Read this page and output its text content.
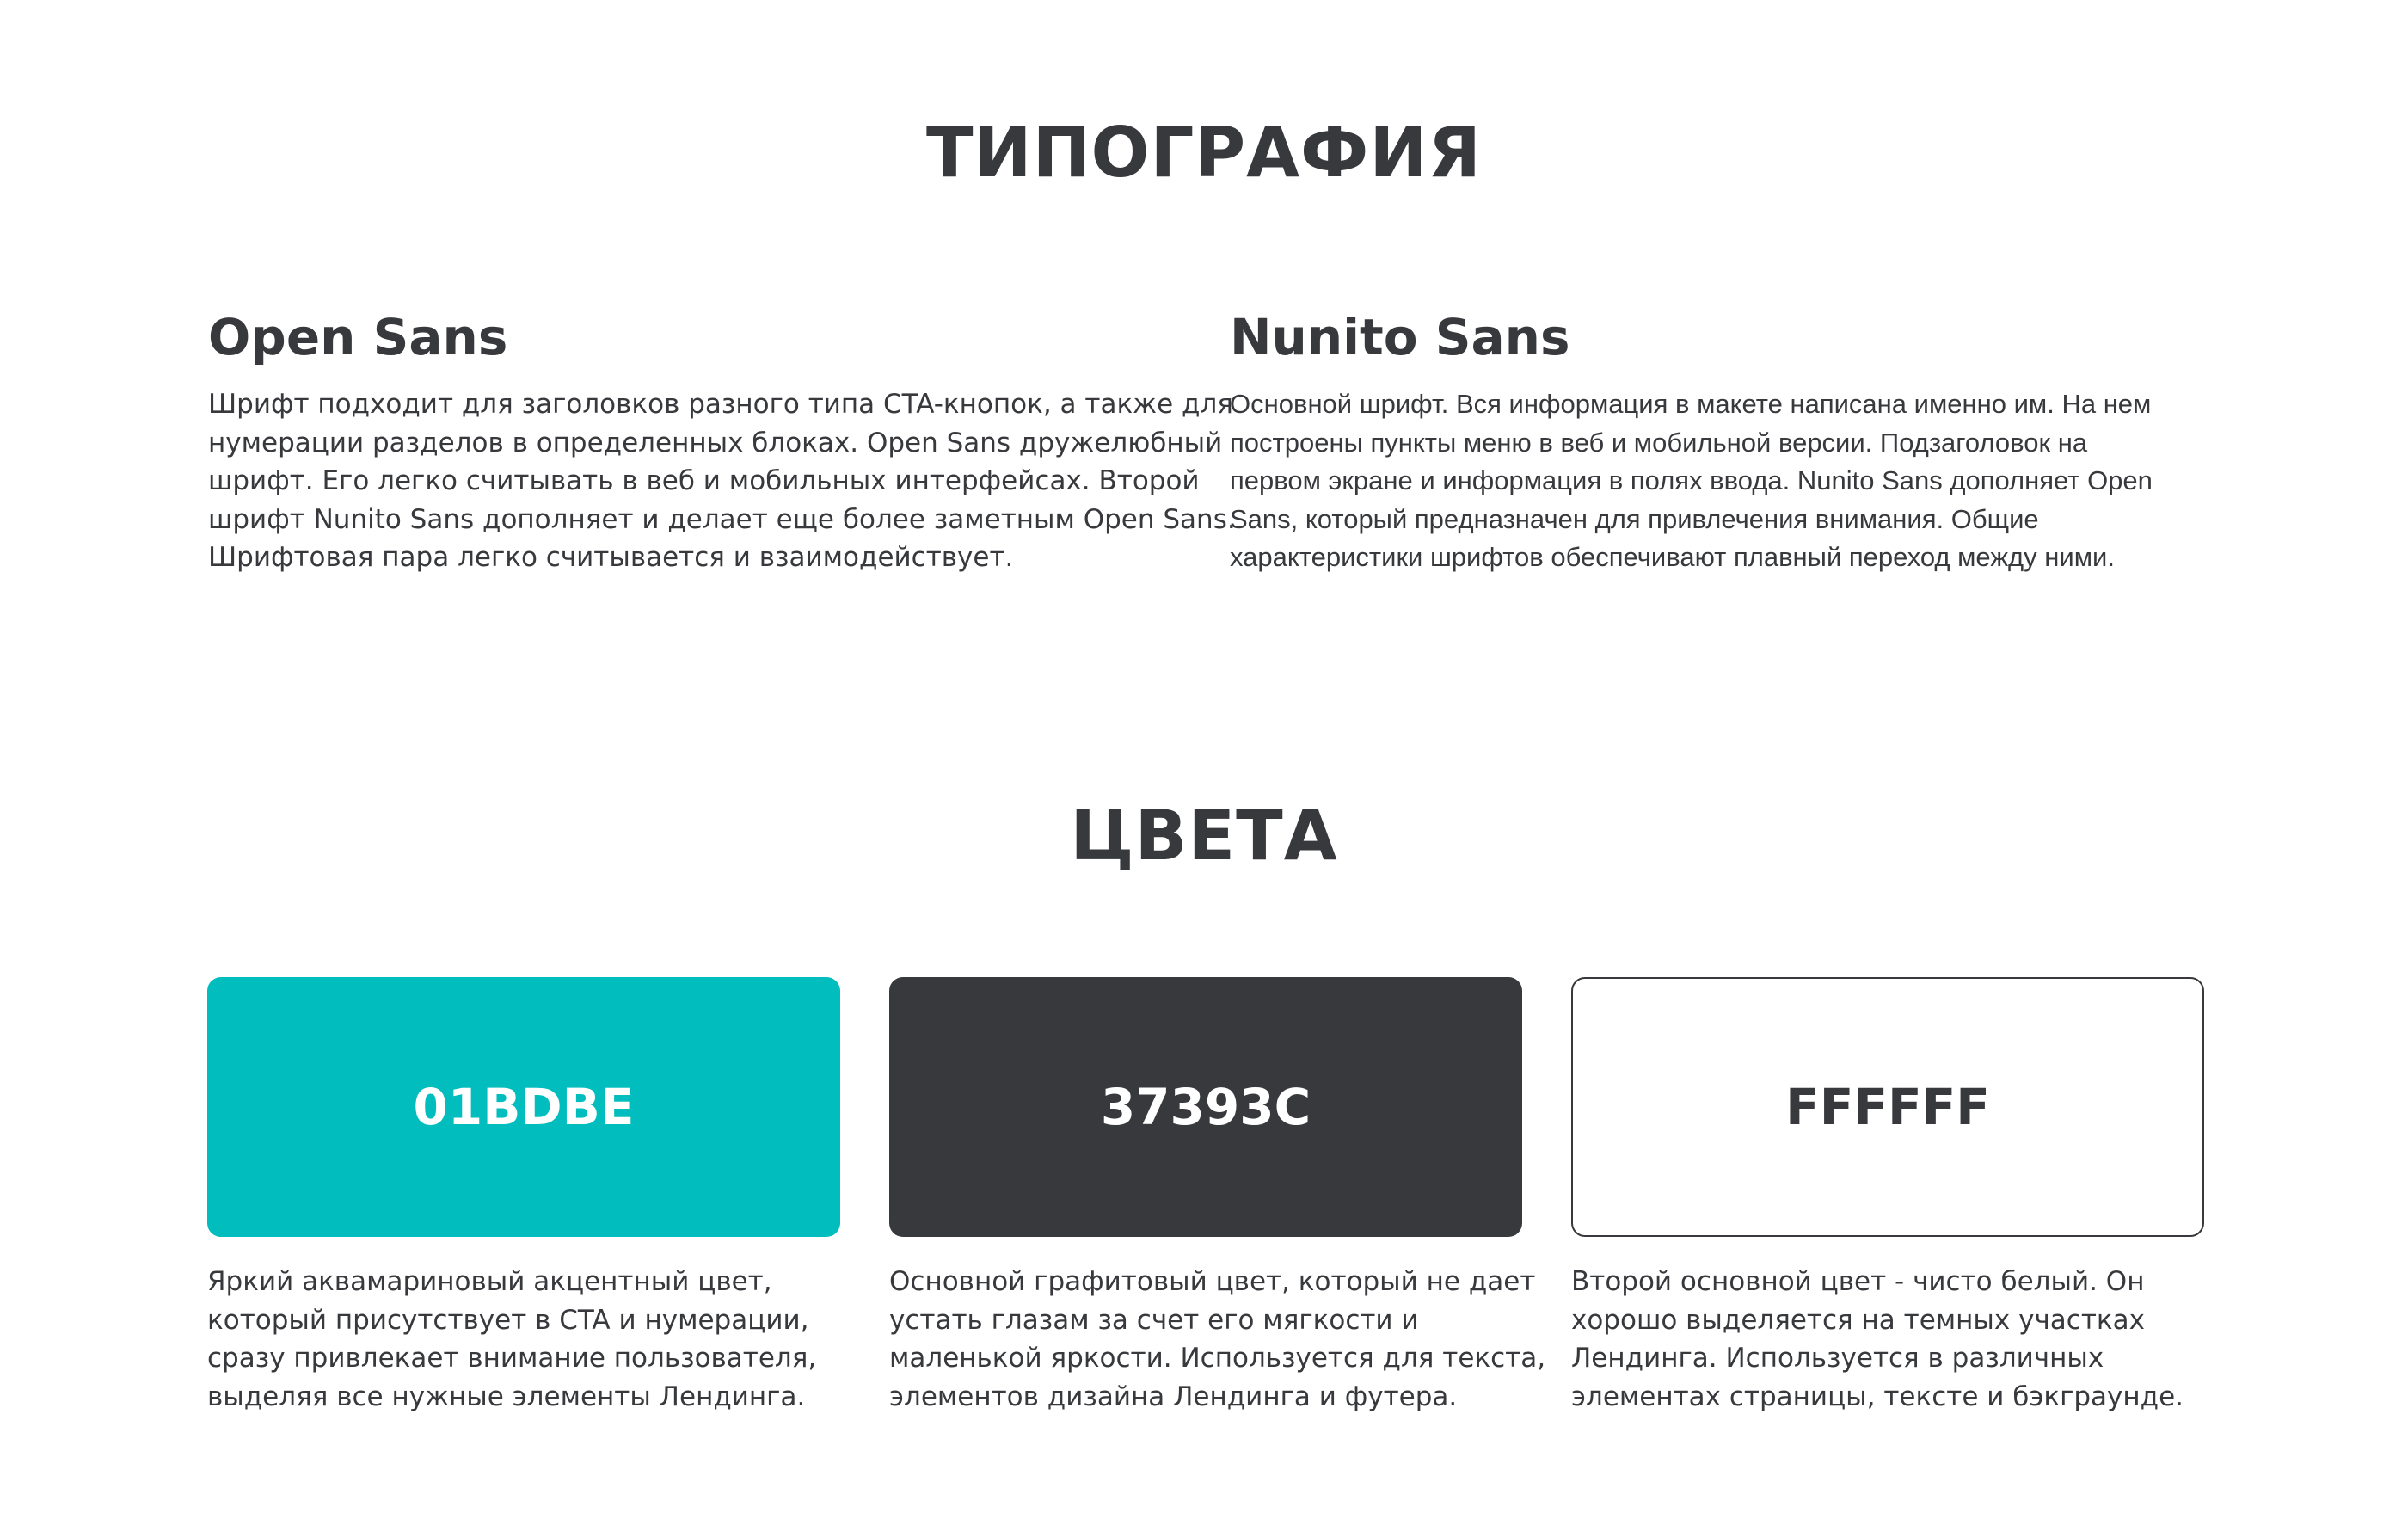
ТИПОГРАФИЯ
Open Sans

Шрифт подходит для заголовков разного типа CTA-кнопок, а также для
нумерации разделов в определенных блоках. Open Sans дружелюбный
шрифт. Его легко считывать в веб и мобильных интерфейсах. Второй
шрифт Nunito Sans дополняет и делает еще более заметным Open Sans.
Шрифтовая пара легко считывается и взаимодействует.

Nunito Sans

Основной шрифт. Вся информация в макете написана именно им. На нем
построены пункты меню в веб и мобильной версии. Подзаголовок на
первом экране и информация в полях ввода. Nunito Sans дополняет Open
Sans, который предназначен для привлечения внимания. Общие
характеристики шрифтов обеспечивают плавный переход между ними.

ЦВЕТА
01BDBE	37393C	FFFFFF

Яркий аквамариновый акцентный цвет,
который присутствует в CTA и нумерации,
сразу привлекает внимание пользователя,
выделяя все нужные элементы Лендинга.

Основной графитовый цвет, который не дает
устать глазам за счет его мягкости и
маленькой яркости. Используется для текста,
элементов дизайна Лендинга и футера.

Второй основной цвет - чисто белый. Он
хорошо выделяется на темных участках
Лендинга. Используется в различных
элементах страницы, тексте и бэкграунде.
